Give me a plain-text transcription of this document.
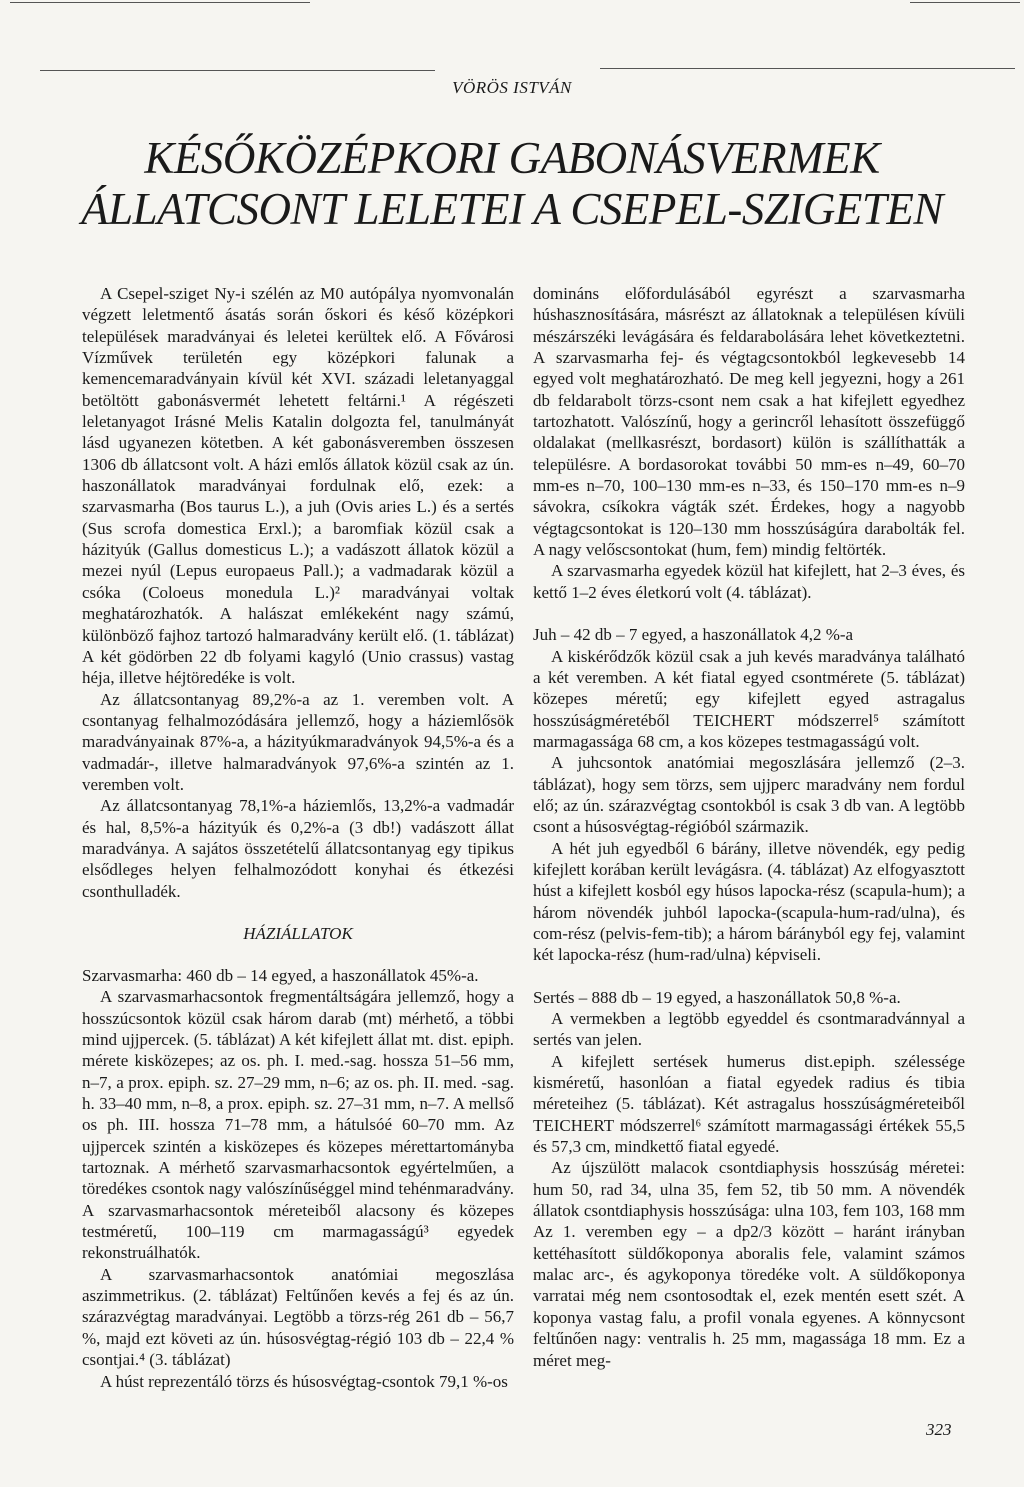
VÖRÖS ISTVÁN
KÉSŐKÖZÉPKORI GABONÁSVERMEK
ÁLLATCSONT LELETEI A CSEPEL-SZIGETEN

A Csepel-sziget Ny-i szélén az M0 autópálya nyomvonalán végzett leletmentő ásatás során őskori és késő középkori települések maradványai és leletei kerültek elő. A Fővárosi Vízművek területén egy középkori falunak a kemencemaradványain kívül két XVI. századi leletanyaggal betöltött gabonásvermét lehetett feltárni.¹ A régészeti leletanyagot Irásné Melis Katalin dolgozta fel, tanulmányát lásd ugyanezen kötetben. A két gabonásveremben összesen 1306 db állatcsont volt. A házi emlős állatok közül csak az ún. haszonállatok maradványai fordulnak elő, ezek: a szarvasmarha (Bos taurus L.), a juh (Ovis aries L.) és a sertés (Sus scrofa domestica Erxl.); a baromfiak közül csak a házityúk (Gallus domesticus L.); a vadászott állatok közül a mezei nyúl (Lepus europaeus Pall.); a vadmadarak közül a csóka (Coloeus monedula L.)² maradványai voltak meghatározhatók. A halászat emlékeként nagy számú, különböző fajhoz tartozó halmaradvány került elő. (1. táblázat) A két gödörben 22 db folyami kagyló (Unio crassus) vastag héja, illetve héjtöredéke is volt.

Az állatcsontanyag 89,2%-a az 1. veremben volt. A csontanyag felhalmozódására jellemző, hogy a háziemlősök maradványainak 87%-a, a házityúkmaradványok 94,5%-a és a vadmadár-, illetve halmaradványok 97,6%-a szintén az 1. veremben volt.

Az állatcsontanyag 78,1%-a háziemlős, 13,2%-a vadmadár és hal, 8,5%-a házityúk és 0,2%-a (3 db!) vadászott állat maradványa. A sajátos összetételű állatcsontanyag egy tipikus elsődleges helyen felhalmozódott konyhai és étkezési csonthulladék.

HÁZIÁLLATOK

Szarvasmarha: 460 db – 14 egyed, a haszonállatok 45%-a.

A szarvasmarhacsontok fregmentáltságára jellemző, hogy a hosszúcsontok közül csak három darab (mt) mérhető, a többi mind ujjpercek. (5. táblázat) A két kifejlett állat mt. dist. epiph. mérete kisközepes; az os. ph. I. med.-sag. hossza 51–56 mm, n–7, a prox. epiph. sz. 27–29 mm, n–6; az os. ph. II. med. -sag. h. 33–40 mm, n–8, a prox. epiph. sz. 27–31 mm, n–7. A mellső os ph. III. hossza 71–78 mm, a hátulsóé 60–70 mm. Az ujjpercek szintén a kisközepes és közepes mérettartományba tartoznak. A mérhető szarvasmarhacsontok egyértelműen, a töredékes csontok nagy valószínűséggel mind tehénmaradvány. A szarvasmarhacsontok méreteiből alacsony és közepes testméretű, 100–119 cm marmagasságú³ egyedek rekonstruálhatók.

A szarvasmarhacsontok anatómiai megoszlása aszimmetrikus. (2. táblázat) Feltűnően kevés a fej és az ún. szárazvégtag maradványai. Legtöbb a törzs-rég 261 db – 56,7 %, majd ezt követi az ún. húsosvégtag-régió 103 db – 22,4 % csontjai.⁴ (3. táblázat)

A húst reprezentáló törzs és húsosvégtag-csontok 79,1 %-os

domináns előfordulásából egyrészt a szarvasmarha húshasznosítására, másrészt az állatoknak a településen kívüli mészárszéki levágására és feldarabolására lehet következtetni. A szarvasmarha fej- és végtagcsontokból legkevesebb 14 egyed volt meghatározható. De meg kell jegyezni, hogy a 261 db feldarabolt törzs-csont nem csak a hat kifejlett egyedhez tartozhatott. Valószínű, hogy a gerincről lehasított összefüggő oldalakat (mellkasrészt, bordasort) külön is szállíthatták a településre. A bordasorokat további 50 mm-es n–49, 60–70 mm-es n–70, 100–130 mm-es n–33, és 150–170 mm-es n–9 sávokra, csíkokra vágták szét. Érdekes, hogy a nagyobb végtagcsontokat is 120–130 mm hosszúságúra darabolták fel. A nagy velőscsontokat (hum, fem) mindig feltörték.

A szarvasmarha egyedek közül hat kifejlett, hat 2–3 éves, és kettő 1–2 éves életkorú volt (4. táblázat).

Juh – 42 db – 7 egyed, a haszonállatok 4,2 %-a

A kiskérődzők közül csak a juh kevés maradványa található a két veremben. A két fiatal egyed csontmérete (5. táblázat) közepes méretű; egy kifejlett egyed astragalus hosszúságméretéből TEICHERT módszerrel⁵ számított marmagassága 68 cm, a kos közepes testmagasságú volt.

A juhcsontok anatómiai megoszlására jellemző (2–3. táblázat), hogy sem törzs, sem ujjperc maradvány nem fordul elő; az ún. szárazvégtag csontokból is csak 3 db van. A legtöbb csont a húsosvégtag-régióból származik.

A hét juh egyedből 6 bárány, illetve növendék, egy pedig kifejlett korában került levágásra. (4. táblázat) Az elfogyasztott húst a kifejlett kosból egy húsos lapocka-rész (scapula-hum); a három növendék juhból lapocka-(scapula-hum-rad/ulna), és com-rész (pelvis-fem-tib); a három bárányból egy fej, valamint két lapocka-rész (hum-rad/ulna) képviseli.

Sertés – 888 db – 19 egyed, a haszonállatok 50,8 %-a.

A vermekben a legtöbb egyeddel és csontmaradvánnyal a sertés van jelen.

A kifejlett sertések humerus dist.epiph. szélessége kisméretű, hasonlóan a fiatal egyedek radius és tibia méreteihez (5. táblázat). Két astragalus hosszúságméreteiből TEICHERT módszerrel⁶ számított marmagassági értékek 55,5 és 57,3 cm, mindkettő fiatal egyedé.

Az újszülött malacok csontdiaphysis hosszúság méretei: hum 50, rad 34, ulna 35, fem 52, tib 50 mm. A növendék állatok csontdiaphysis hosszúsága: ulna 103, fem 103, 168 mm Az 1. veremben egy – a dp2/3 között – haránt irányban kettéhasított süldőkoponya aboralis fele, valamint számos malac arc-, és agykoponya töredéke volt. A süldőkoponya varratai még nem csontosodtak el, ezek mentén esett szét. A koponya vastag falu, a profil vonala egyenes. A könnycsont feltűnően nagy: ventralis h. 25 mm, magassága 18 mm. Ez a méret meg-

323
